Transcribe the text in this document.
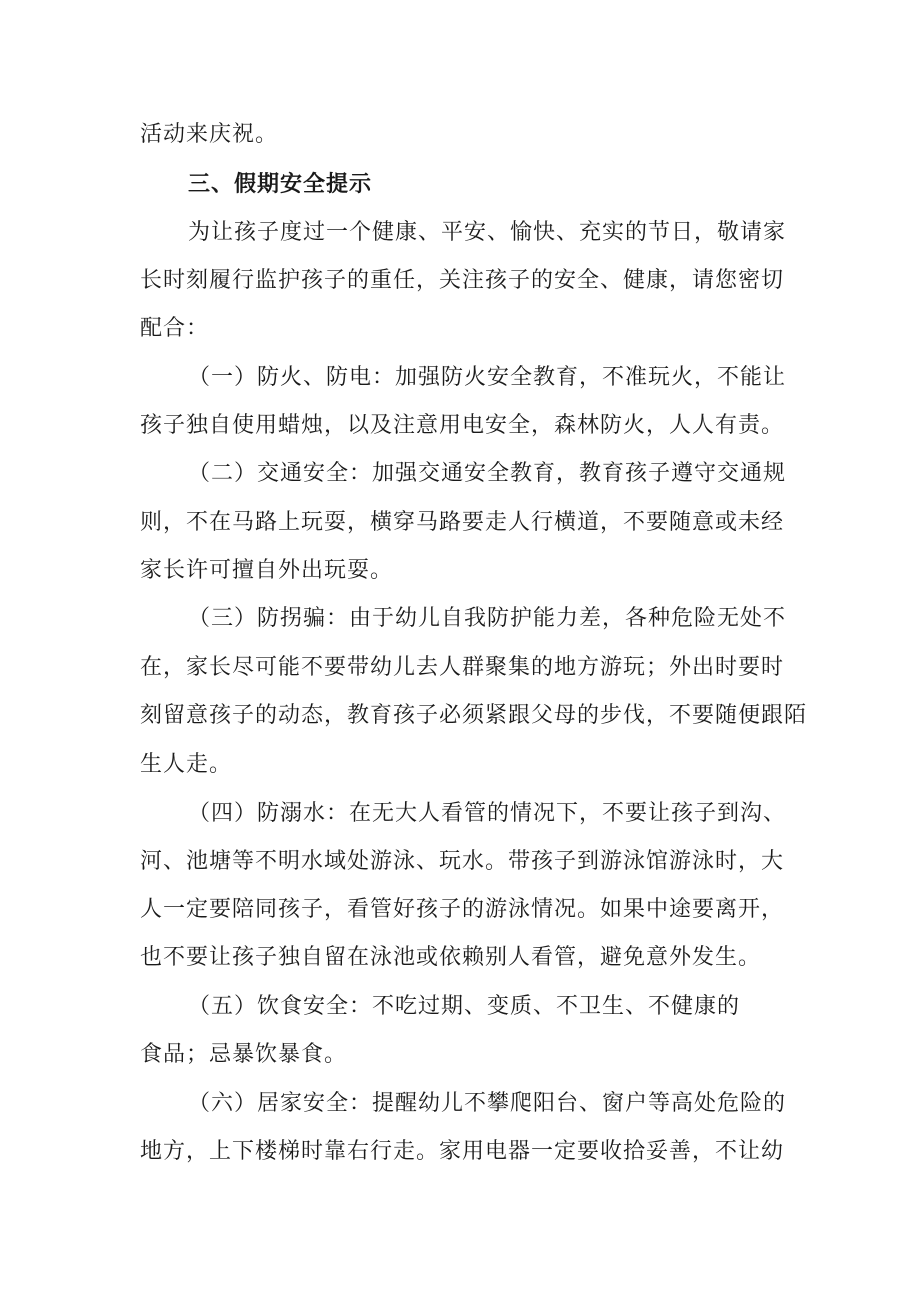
活动来庆祝。
三、假期安全提示
为让孩子度过一个健康、平安、愉快、充实的节日，敬请家
长时刻履行监护孩子的重任，关注孩子的安全、健康，请您密切
配合：
（一）防火、防电：加强防火安全教育，不准玩火，不能让
孩子独自使用蜡烛，以及注意用电安全，森林防火，人人有责。
（二）交通安全：加强交通安全教育，教育孩子遵守交通规
则，不在马路上玩耍，横穿马路要走人行横道，不要随意或未经
家长许可擅自外出玩耍。
（三）防拐骗：由于幼儿自我防护能力差，各种危险无处不
在，家长尽可能不要带幼儿去人群聚集的地方游玩；外出时要时
刻留意孩子的动态，教育孩子必须紧跟父母的步伐，不要随便跟陌
生人走。
（四）防溺水：在无大人看管的情况下，不要让孩子到沟、
河、池塘等不明水域处游泳、玩水。带孩子到游泳馆游泳时，大
人一定要陪同孩子，看管好孩子的游泳情况。如果中途要离开，
也不要让孩子独自留在泳池或依赖别人看管，避免意外发生。
（五）饮食安全：不吃过期、变质、不卫生、不健康的
食品；忌暴饮暴食。
（六）居家安全：提醒幼儿不攀爬阳台、窗户等高处危险的
地方，上下楼梯时靠右行走。家用电器一定要收拾妥善，不让幼
